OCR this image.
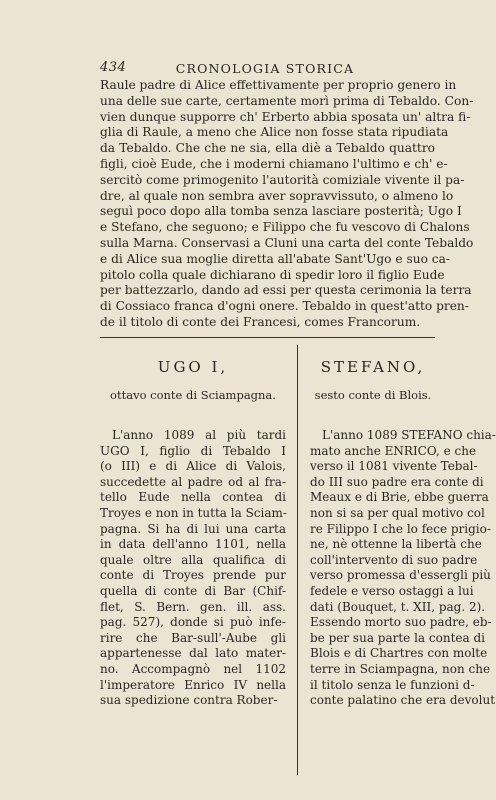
434	CRONOLOGIA STORICA
Raule padre di Alice effettivamente per proprio genero in
una delle sue carte, certamente morì prima di Tebaldo. Con-
vien dunque supporre ch' Erberto abbia sposata un' altra fi-
glia di Raule, a meno che Alice non fosse stata ripudiata
da Tebaldo. Che che ne sia, ella diè a Tebaldo quattro
figli, cioè Eude, che i moderni chiamano l'ultimo e ch' e-
sercitò come primogenito l'autorità comiziale vivente il pa-
dre, al quale non sembra aver sopravvissuto, o almeno lo
seguì poco dopo alla tomba senza lasciare posterità; Ugo I
e Stefano, che seguono; e Filippo che fu vescovo di Chalons
sulla Marna. Conservasi a Cluni una carta del conte Tebaldo
e di Alice sua moglie diretta all'abate Sant'Ugo e suo ca-
pitolo colla quale dichiarano di spedir loro il figlio Eude
per battezzarlo, dando ad essi per questa cerimonia la terra
di Cossiaco franca d'ogni onere. Tebaldo in quest'atto pren-
de il titolo di conte dei Francesi, comes Francorum.
UGO I,
ottavo conte di Sciampagna.
L'anno 1089 al più tardi
UGO I, figlio di Tebaldo I
(o III) e di Alice di Valois,
succedette al padre od al fra-
tello Eude nella contea di
Troyes e non in tutta la Sciam-
pagna. Si ha di lui una carta
in data dell'anno 1101, nella
quale oltre alla qualifica di
conte di Troyes prende pur
quella di conte di Bar (Chif-
flet, S. Bern. gen. ill. ass.
pag. 527), donde si può infe-
rire che Bar-sull'-Aube gli
appartenesse dal lato mater-
no. Accompagnò nel 1102
l'imperatore Enrico IV nella
sua spedizione contra Rober-
STEFANO,
sesto conte di Blois.
L'anno 1089 STEFANO chia-
mato anche ENRICO, e che
verso il 1081 vivente Tebal-
do III suo padre era conte di
Meaux e di Brie, ebbe guerra
non si sa per qual motivo col
re Filippo I che lo fece prigio-
ne, nè ottenne la libertà che
coll'intervento di suo padre
verso promessa d'essergli più
fedele e verso ostaggi a lui
dati (Bouquet, t. XII, pag. 2).
Essendo morto suo padre, eb-
be per sua parte la contea di
Blois e di Chartres con molte
terre in Sciampagna, non che
il titolo senza le funzioni d-
conte palatino che era devolut
